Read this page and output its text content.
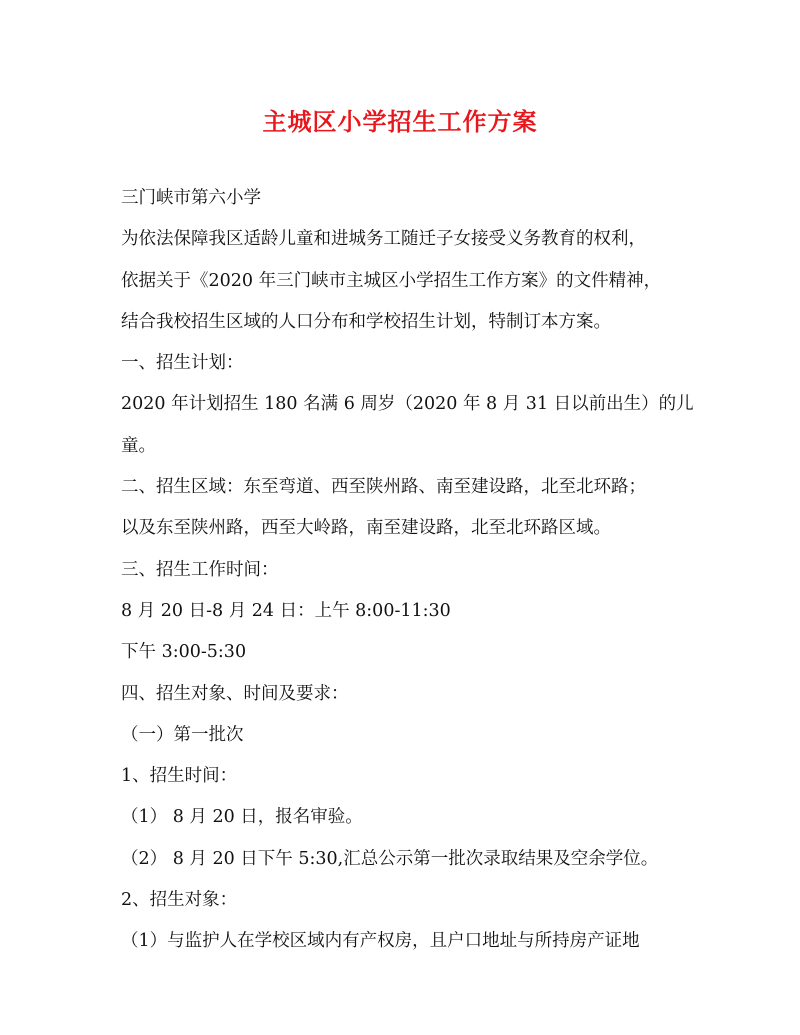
主城区小学招生工作方案
三门峡市第六小学
为依法保障我区适龄儿童和进城务工随迁子女接受义务教育的权利，
依据关于《2020 年三门峡市主城区小学招生工作方案》的文件精神，
结合我校招生区域的人口分布和学校招生计划，特制订本方案。
一、招生计划：
2020 年计划招生 180 名满 6 周岁（2020 年 8 月 31 日以前出生）的儿
童。
二、招生区域：东至弯道、西至陕州路、南至建设路，北至北环路；
以及东至陕州路，西至大岭路，南至建设路，北至北环路区域。
三、招生工作时间：
8 月 20 日-8 月 24 日：上午 8:00-11:30
下午 3:00-5:30
四、招生对象、时间及要求：
（一）第一批次
1、招生时间：
（1） 8 月 20 日，报名审验。
（2） 8 月 20 日下午 5:30,汇总公示第一批次录取结果及空余学位。
2、招生对象：
（1）与监护人在学校区域内有产权房，且户口地址与所持房产证地
